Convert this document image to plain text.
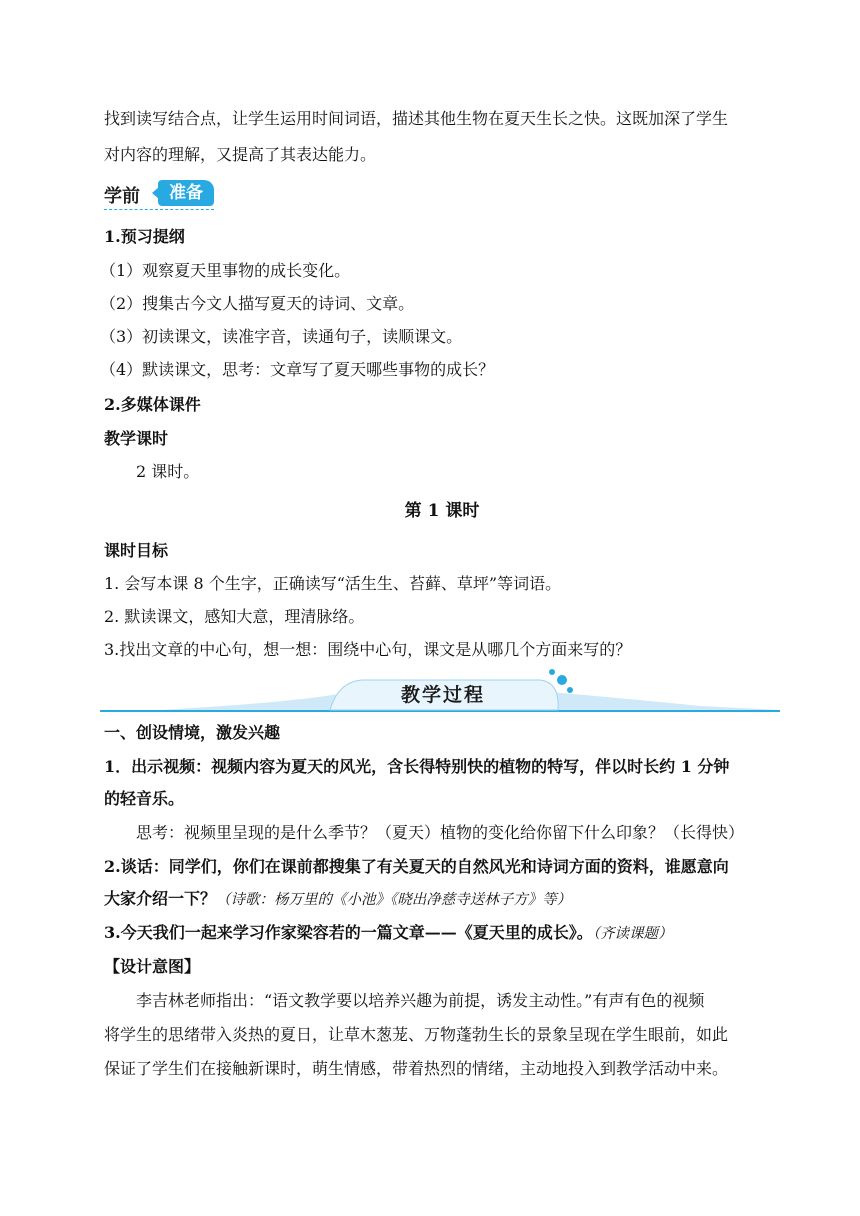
找到读写结合点，让学生运用时间词语，描述其他生物在夏天生长之快。这既加深了学生
对内容的理解，又提高了其表达能力。
学前	准备
1.预习提纲
（1）观察夏天里事物的成长变化。
（2）搜集古今文人描写夏天的诗词、文章。
（3）初读课文，读准字音，读通句子，读顺课文。
（4）默读课文，思考：文章写了夏天哪些事物的成长？
2.多媒体课件
教学课时
2 课时。
第 1 课时
课时目标
1. 会写本课 8 个生字，正确读写“活生生、苔藓、草坪”等词语。
2. 默读课文，感知大意，理清脉络。
3.找出文章的中心句，想一想：围绕中心句，课文是从哪几个方面来写的？
教学过程
一、创设情境，激发兴趣
1．出示视频：视频内容为夏天的风光，含长得特别快的植物的特写，伴以时长约 1 分钟
的轻音乐。
思考：视频里呈现的是什么季节？（夏天）植物的变化给你留下什么印象？（长得快）
2.谈话：同学们，你们在课前都搜集了有关夏天的自然风光和诗词方面的资料，谁愿意向
大家介绍一下？（诗歌：杨万里的《小池》《晓出净慈寺送林子方》等）
3.今天我们一起来学习作家梁容若的一篇文章——《夏天里的成长》。（齐读课题）
【设计意图】
李吉林老师指出：“语文教学要以培养兴趣为前提，诱发主动性。”有声有色的视频
将学生的思绪带入炎热的夏日，让草木葱茏、万物蓬勃生长的景象呈现在学生眼前，如此
保证了学生们在接触新课时，萌生情感，带着热烈的情绪，主动地投入到教学活动中来。
